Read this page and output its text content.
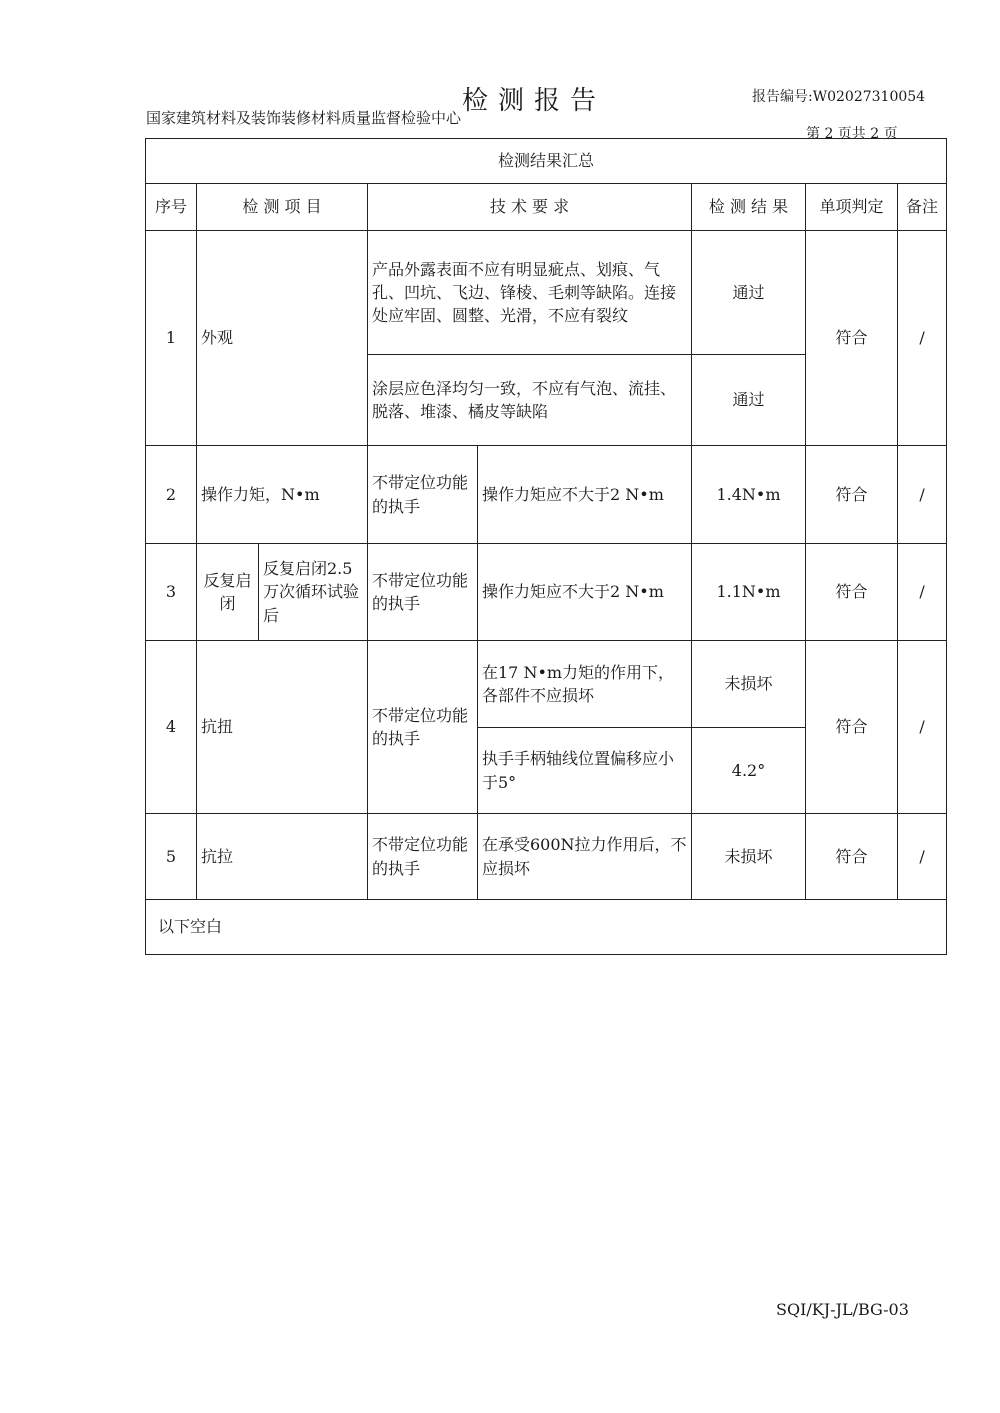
检测报告
国家建筑材料及装饰装修材料质量监督检验中心
报告编号:W02027310054
第 2 页共 2 页
检测结果汇总							
序号	检 测 项 目		技 术 要 求		检 测 结 果	单项判定	备注
1	外观		产品外露表面不应有明显疵点、划痕、气孔、凹坑、飞边、锋棱、毛刺等缺陷。连接处应牢固、圆整、光滑，不应有裂纹		通过	符合	/
			涂层应色泽均匀一致，不应有气泡、流挂、脱落、堆漆、橘皮等缺陷		通过		
2	操作力矩，N•m		不带定位功能的执手	操作力矩应不大于2 N•m	1.4N•m	符合	/
3	反复启闭	反复启闭2.5万次循环试验后	不带定位功能的执手	操作力矩应不大于2 N•m	1.1N•m	符合	/
4	抗扭		不带定位功能的执手	在17 N•m力矩的作用下，各部件不应损坏	未损坏	符合	/
				执手手柄轴线位置偏移应小于5°	4.2°		
5	抗拉		不带定位功能的执手	在承受600N拉力作用后，不应损坏	未损坏	符合	/
以下空白							
SQI/KJ-JL/BG-03
